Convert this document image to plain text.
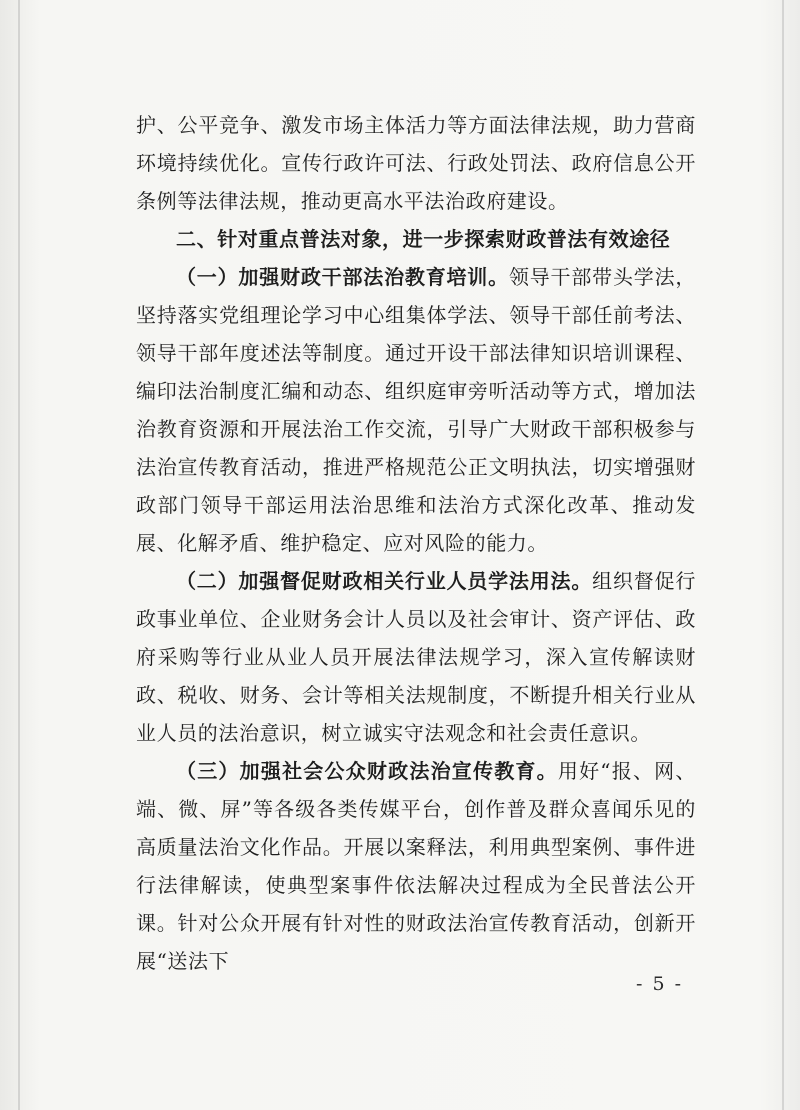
护、公平竞争、激发市场主体活力等方面法律法规，助力营商环境持续优化。宣传行政许可法、行政处罚法、政府信息公开条例等法律法规，推动更高水平法治政府建设。

二、针对重点普法对象，进一步探索财政普法有效途径

（一）加强财政干部法治教育培训。领导干部带头学法，坚持落实党组理论学习中心组集体学法、领导干部任前考法、领导干部年度述法等制度。通过开设干部法律知识培训课程、编印法治制度汇编和动态、组织庭审旁听活动等方式，增加法治教育资源和开展法治工作交流，引导广大财政干部积极参与法治宣传教育活动，推进严格规范公正文明执法，切实增强财政部门领导干部运用法治思维和法治方式深化改革、推动发展、化解矛盾、维护稳定、应对风险的能力。

（二）加强督促财政相关行业人员学法用法。组织督促行政事业单位、企业财务会计人员以及社会审计、资产评估、政府采购等行业从业人员开展法律法规学习，深入宣传解读财政、税收、财务、会计等相关法规制度，不断提升相关行业从业人员的法治意识，树立诚实守法观念和社会责任意识。

（三）加强社会公众财政法治宣传教育。用好“报、网、端、微、屏”等各级各类传媒平台，创作普及群众喜闻乐见的高质量法治文化作品。开展以案释法，利用典型案例、事件进行法律解读，使典型案事件依法解决过程成为全民普法公开课。针对公众开展有针对性的财政法治宣传教育活动，创新开展“送法下

- 5 -
